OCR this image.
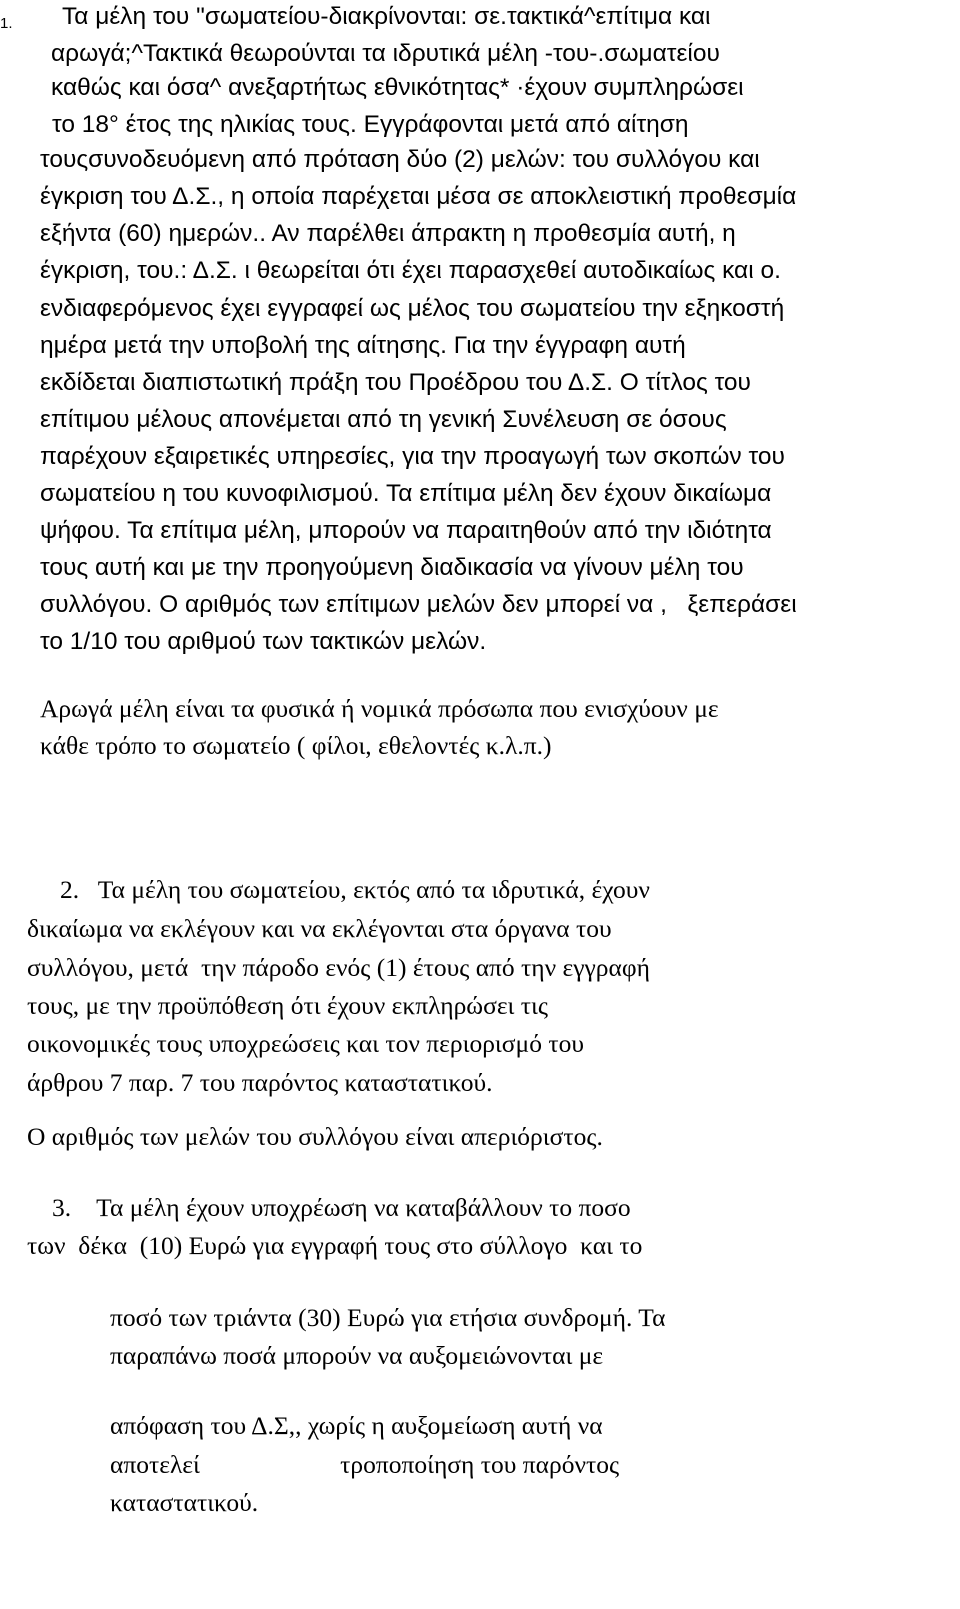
1. Τα μέλη του "σωματείου-διακρίνονται: σε.τακτικά^επίτιμα και

αρωγά;^Τακτικά θεωρούνται τα ιδρυτικά μέλη -του-.σωματείου

καθώς και όσα^ ανεξαρτήτως εθνικότητας* ·έχουν συμπληρώσει

το 18° έτος της ηλικίας τους. Εγγράφονται μετά από αίτηση

τουςσυνοδευόμενη από πρόταση δύο (2) μελών: του συλλόγου και

έγκριση του Δ.Σ., η οποία παρέχεται μέσα σε αποκλειστική προθεσμία

εξήντα (60) ημερών.. Αν παρέλθει άπρακτη η προθεσμία αυτή, η

έγκριση, του.: Δ.Σ. ι θεωρείται ότι έχει παρασχεθεί αυτοδικαίως και ο.

ενδιαφερόμενος έχει εγγραφεί ως μέλος του σωματείου την εξηκοστή

ημέρα μετά την υποβολή της αίτησης. Για την έγγραφη αυτή

εκδίδεται διαπιστωτική πράξη του Προέδρου του Δ.Σ. Ο τίτλος του

επίτιμου μέλους απονέμεται από τη γενική Συνέλευση σε όσους

παρέχουν εξαιρετικές υπηρεσίες, για την προαγωγή των σκοπών του

σωματείου η του κυνοφιλισμού. Τα επίτιμα μέλη δεν έχουν δικαίωμα

ψήφου. Τα επίτιμα μέλη, μπορούν να παραιτηθούν από την ιδιότητα

τους αυτή και με την προηγούμενη διαδικασία να γίνουν μέλη του

συλλόγου. Ο αριθμός των επίτιμων μελών δεν μπορεί να ,   ξεπεράσει

το 1/10 του αριθμού των τακτικών μελών.

Αρωγά μέλη είναι τα φυσικά ή νομικά πρόσωπα που ενισχύουν με

κάθε τρόπο το σωματείο ( φίλοι, εθελοντές κ.λ.π.)

2.   Τα μέλη του σωματείου, εκτός από τα ιδρυτικά, έχουν

δικαίωμα να εκλέγουν και να εκλέγονται στα όργανα του

συλλόγου, μετά  την πάροδο ενός (1) έτους από την εγγραφή

τους, με την προϋπόθεση ότι έχουν εκπληρώσει τις

οικονομικές τους υποχρεώσεις και τον περιορισμό του

άρθρου 7 παρ. 7 του παρόντος καταστατικού.

Ο αριθμός των μελών του συλλόγου είναι απεριόριστος.

3.    Τα μέλη έχουν υποχρέωση να καταβάλλουν το ποσο

των  δέκα  (10) Ευρώ για εγγραφή τους στο σύλλογο  και το

ποσό των τριάντα (30) Ευρώ για ετήσια συνδρομή. Τα

παραπάνω ποσά μπορούν να αυξομειώνονται με

απόφαση του Δ.Σ,, χωρίς η αυξομείωση αυτή να

αποτελεί                      τροποποίηση του παρόντος

καταστατικού.
